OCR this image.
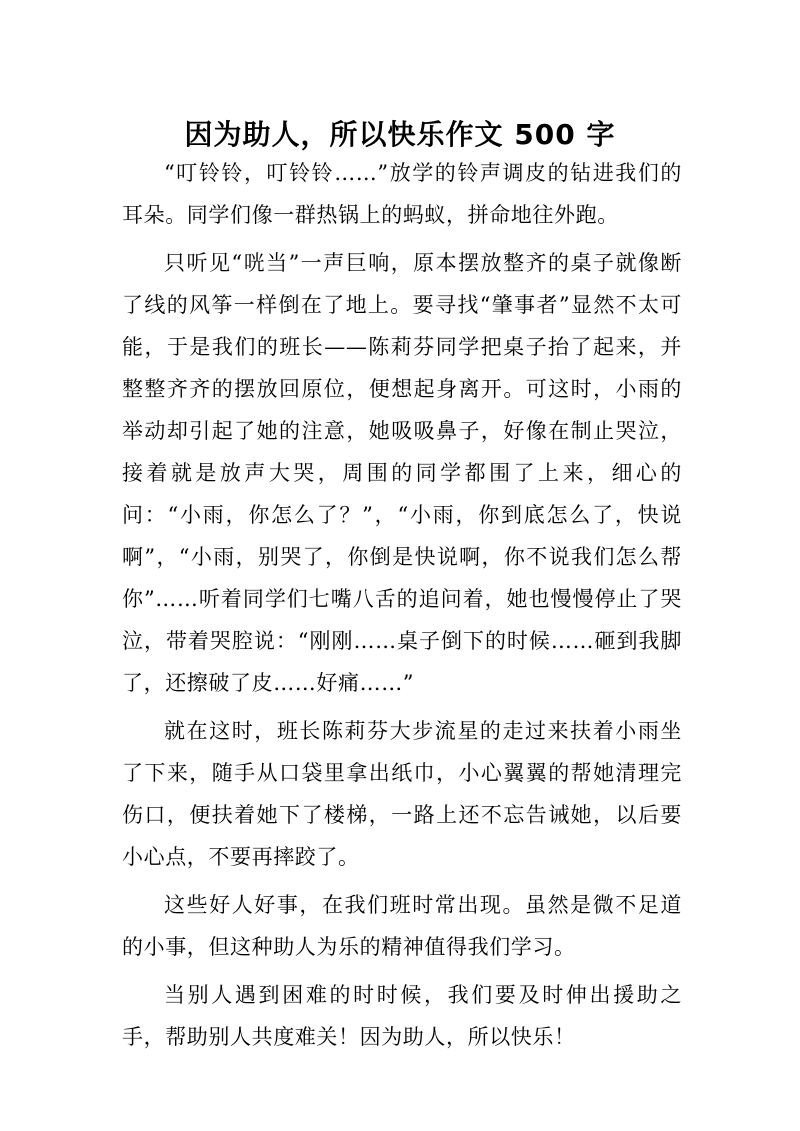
因为助人，所以快乐作文 500 字

“叮铃铃，叮铃铃……”放学的铃声调皮的钻进我们的耳朵。同学们像一群热锅上的蚂蚁，拼命地往外跑。

只听见“咣当”一声巨响，原本摆放整齐的桌子就像断了线的风筝一样倒在了地上。要寻找“肇事者”显然不太可能，于是我们的班长——陈莉芬同学把桌子抬了起来，并整整齐齐的摆放回原位，便想起身离开。可这时，小雨的举动却引起了她的注意，她吸吸鼻子，好像在制止哭泣，接着就是放声大哭，周围的同学都围了上来，细心的问：“小雨，你怎么了？”，“小雨，你到底怎么了，快说啊”，“小雨，别哭了，你倒是快说啊，你不说我们怎么帮你”……听着同学们七嘴八舌的追问着，她也慢慢停止了哭泣，带着哭腔说：“刚刚……桌子倒下的时候……砸到我脚了，还擦破了皮……好痛……”

就在这时，班长陈莉芬大步流星的走过来扶着小雨坐了下来，随手从口袋里拿出纸巾，小心翼翼的帮她清理完伤口，便扶着她下了楼梯，一路上还不忘告诫她，以后要小心点，不要再摔跤了。

这些好人好事，在我们班时常出现。虽然是微不足道的小事，但这种助人为乐的精神值得我们学习。

当别人遇到困难的时时候，我们要及时伸出援助之手，帮助别人共度难关！因为助人，所以快乐！
